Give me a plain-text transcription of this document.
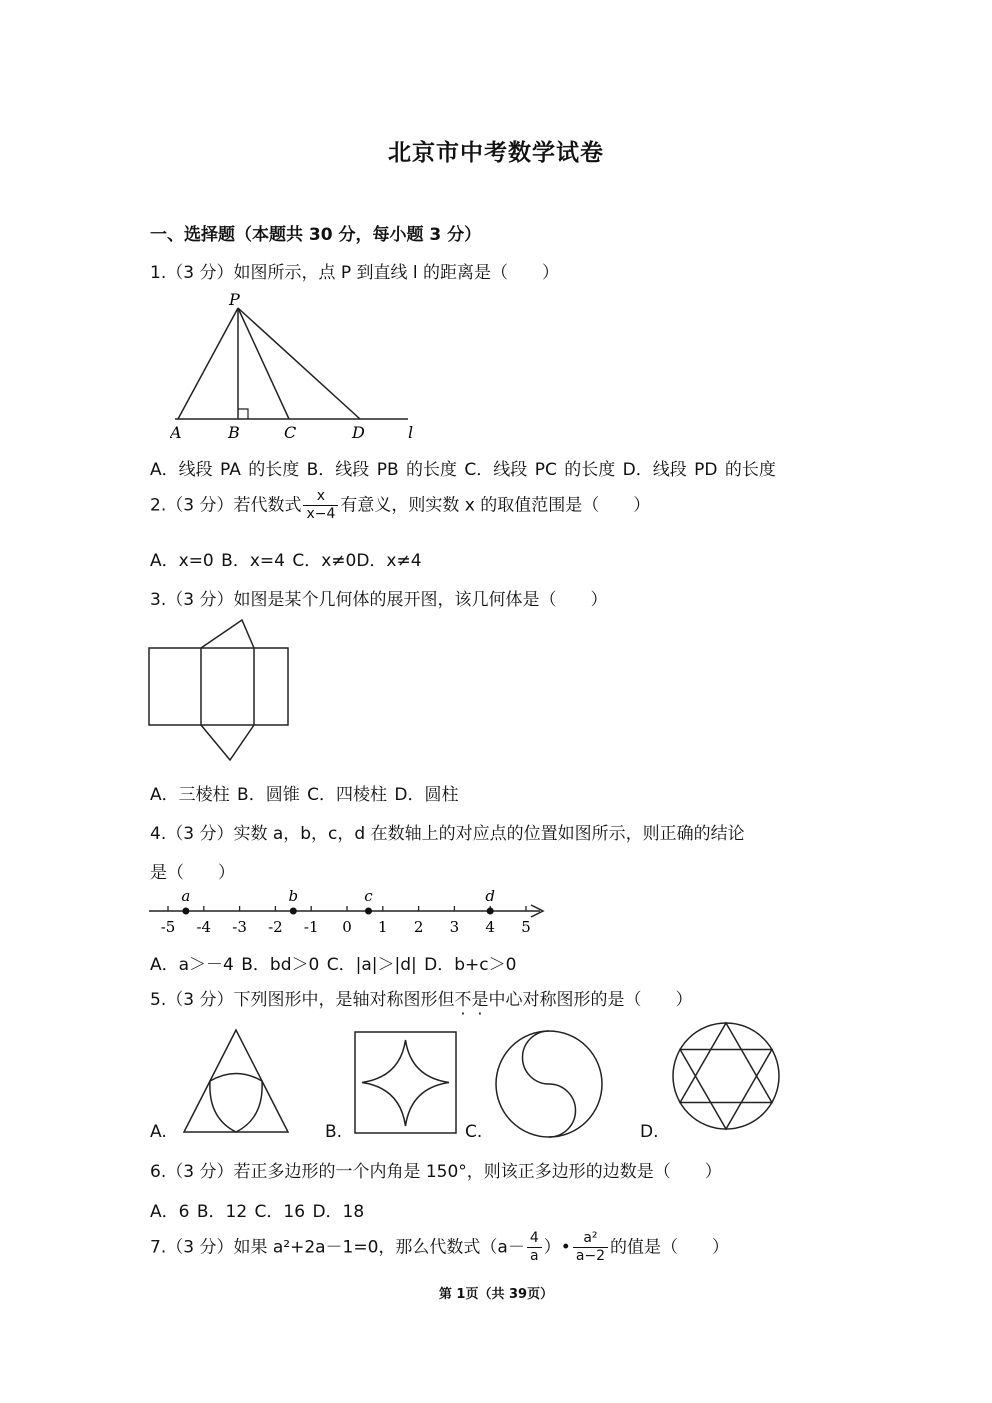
北京市中考数学试卷
一、选择题（本题共 30 分，每小题 3 分）
1.（3 分）如图所示，点 P 到直线 l 的距离是（　　）
P
A	B	C	D	l
A．线段 PA 的长度 B．线段 PB 的长度 C．线段 PC 的长度 D．线段 PD 的长度
2.（3 分）若代数式 $\frac{x}{x-4}$ 有意义，则实数 x 的取值范围是（　　）
A．x=0 B．x=4 C．x≠0D．x≠4
3.（3 分）如图是某个几何体的展开图，该几何体是（　　）
A．三棱柱 B．圆锥 C．四棱柱 D．圆柱
4.（3 分）实数 a，b，c，d 在数轴上的对应点的位置如图所示，则正确的结论
是（　　）
-5 -4 -3 -2 -1 0 1 2 3 4 5
a	b	c	d
A．a＞－4 B．bd＞0 C．|a|＞|d| D．b+c＞0
5.（3 分）下列图形中，是轴对称图形但不是中心对称图形的是（　　）
A.	B.	C.	D.
6.（3 分）若正多边形的一个内角是 150°，则该正多边形的边数是（　　）
A．6 B．12 C．16 D．18
7.（3 分）如果 a²+2a－1=0，那么代数式（$a- \frac{4}{a}$ ）• $\frac{\text{a²}}{a-2}$ 的值是（　　）
第 1页（共 39页）
